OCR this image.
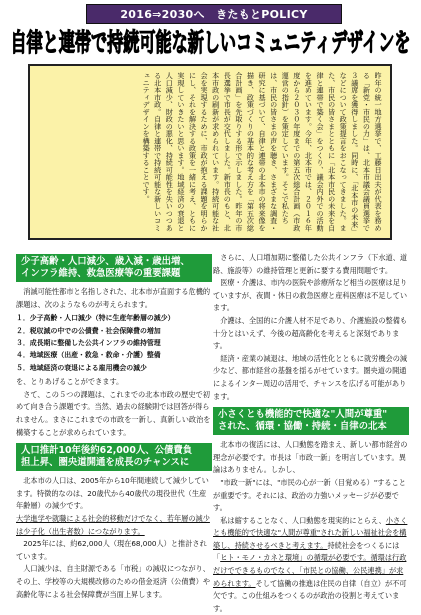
2016⇒2030へ　きたもとPOLICY
自律と連帯で持続可能な新しいコミュニティデザインを
昨年の統一地方選挙で、工藤日出夫が代表を務める「新党・市民の力」は、北本市議会議員選挙で３議席を獲得しました。同時に、「北本市の未来」などについて政策提言をおこなってきました。また、市民の皆さまとともに「北本市民の未来を自律と連帯で築く会」をつくり、議会内外での活動を進めています。今年、北本市では、２０１６年度から２０３０年度までの第五次総合計画（市政運営の指針）を策定しています。そこで私たちは、市民の皆さまの声を聴き、さまざまな調査・研究に基づいて、自律と連帯の北本市の将来像を描き、政策づくりの基本的な考え方を「第五次総合計画」を先取りする形で示しました。昨年の市長選挙で市長が交代しました。新市長のもと、北本市政の刷新が求められています。持続可能な社会を実現するために、市政が抱える課題を明らかにし、それを解決する政策を一緒に考え、ともに実現していきたいと思います。地域経済の衰退と人口減少、財政の悪化、持続可能性を失いつつある北本市政。自律と連帯で持続可能な新しいコミュニティデザインを構築することです。
少子高齢・人口減少、歳入減・歳出増、
インフラ維持、救急医療等の重要課題

消滅可能性都市と名指しされた、北本市が直面する危機的課題は、次のようなものが考えられます。

１．少子高齢・人口減少（特に生産年齢層の減少）
２．税収減の中での公債費・社会保障費の増加
３．成長期に整備した公共インフラの維持管理
４．地域医療（出産・救急・救命・介護）整備
５．地域経済の衰退による雇用機会の減少

を、とりあげることができます。

さて、この５つの課題は、これまでの北本市政の歴史で初めて向き合う課題です。当然、過去の経験則では回答が得られません。まさにこれまでの市政を一新し、真新しい政治を構築することが求められています。

人口推計10年後約62,000人、公債費負
担上昇、圏央道開通を成長のチャンスに

北本市の人口は、2005年から10年間連続して減少しています。特徴的なのは、20歳代から40歳代の現役世代（生産年齢層）の減少です。

大学進学や就職による社会的移動だけでなく、若年層の減少は少子化（出生者数）につながります。

2025年には、約62,000人（現在68,000人）と推計されています。

人口減少は、自主財源である「市税」の減収につながり、その上、学校等の大規模改修のための借金返済（公債費）や高齢化等による社会保障費が当面上昇します。

さらに、人口増加期に整備した公共インフラ（下水道、道路、施設等）の維持管理と更新に要する費用問題です。

医療・介護は、市内の医院や診療所など相当の医療は足りていますが、夜間・休日の救急医療と産科医療は不足しています。

介護は、全国的に介護人材不足であり、介護施設の整備も十分とはいえず、今後の超高齢化を考えると深刻であります。

経済・産業の減退は、地域の活性化とともに就労機会の減少など、都市経営の基盤を揺るがせています。圏央道の開通によるインター周辺の活用で、チャンスを広げる可能があります。

小さくとも機能的で快適な"人間が尊重"
された、循環・協働・持続・自律の北本

北本市の復活には、人口動態を踏まえ、新しい都市経営の理念が必要です。市長は「市政一新」を明言しています。異論はありません。しかし、

"市政一新"には、"市民の心が一新（目覚める）"することが重要です。それには、政治の力強いメッセージが必要です。

私は縮することなく、人口動態を現実的にとらえ、小さくとも機能的で快適な"人間が尊重"された新しい福祉社会を構築し、持続させるべきと考えます。持続社会をつくるには「ヒト・モノ・カネと環境」の循環が必要です。循環は行政だけでできるものでなく、「市民との協働、公民連携」が求められます。そして協働の推進は住民の自律（自立）が不可欠です。この仕組みをつくるのが政治の役割と考えています。
